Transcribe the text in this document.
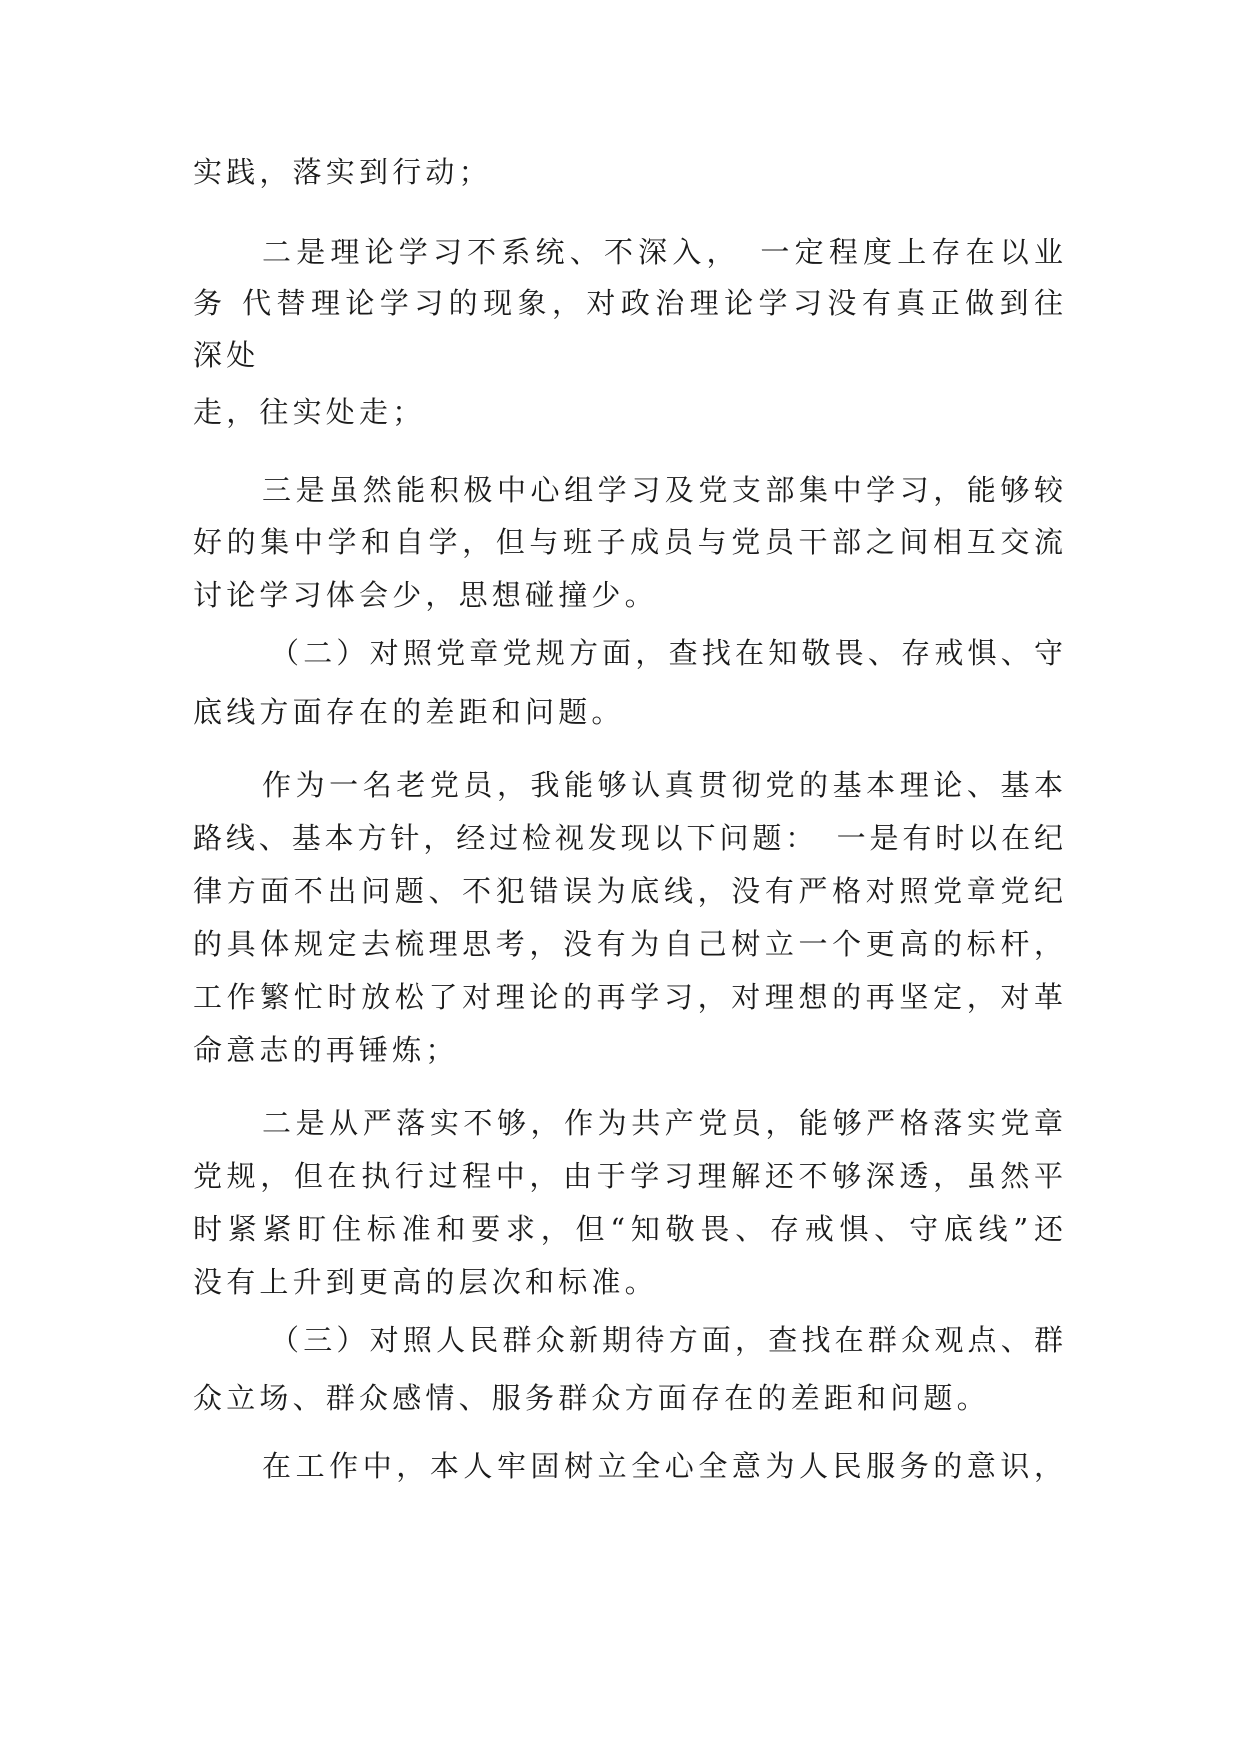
实践，落实到行动；
二是理论学习不系统、不深入，　一定程度上存在以业
务 代替理论学习的现象，对政治理论学习没有真正做到往
深处
走，往实处走；
三是虽然能积极中心组学习及党支部集中学习，能够较
好的集中学和自学，但与班子成员与党员干部之间相互交流
讨论学习体会少，思想碰撞少。
（二）对照党章党规方面，查找在知敬畏、存戒惧、守
底线方面存在的差距和问题。
作为一名老党员，我能够认真贯彻党的基本理论、基本
路线、基本方针，经过检视发现以下问题：　一是有时以在纪
律方面不出问题、不犯错误为底线，没有严格对照党章党纪
的具体规定去梳理思考，没有为自己树立一个更高的标杆，
工作繁忙时放松了对理论的再学习，对理想的再坚定，对革
命意志的再锤炼；
二是从严落实不够，作为共产党员，能够严格落实党章
党规，但在执行过程中，由于学习理解还不够深透，虽然平
时紧紧盯住标准和要求，但“知敬畏、存戒惧、守底线”还
没有上升到更高的层次和标准。
（三）对照人民群众新期待方面，查找在群众观点、群
众立场、群众感情、服务群众方面存在的差距和问题。
在工作中，本人牢固树立全心全意为人民服务的意识，
